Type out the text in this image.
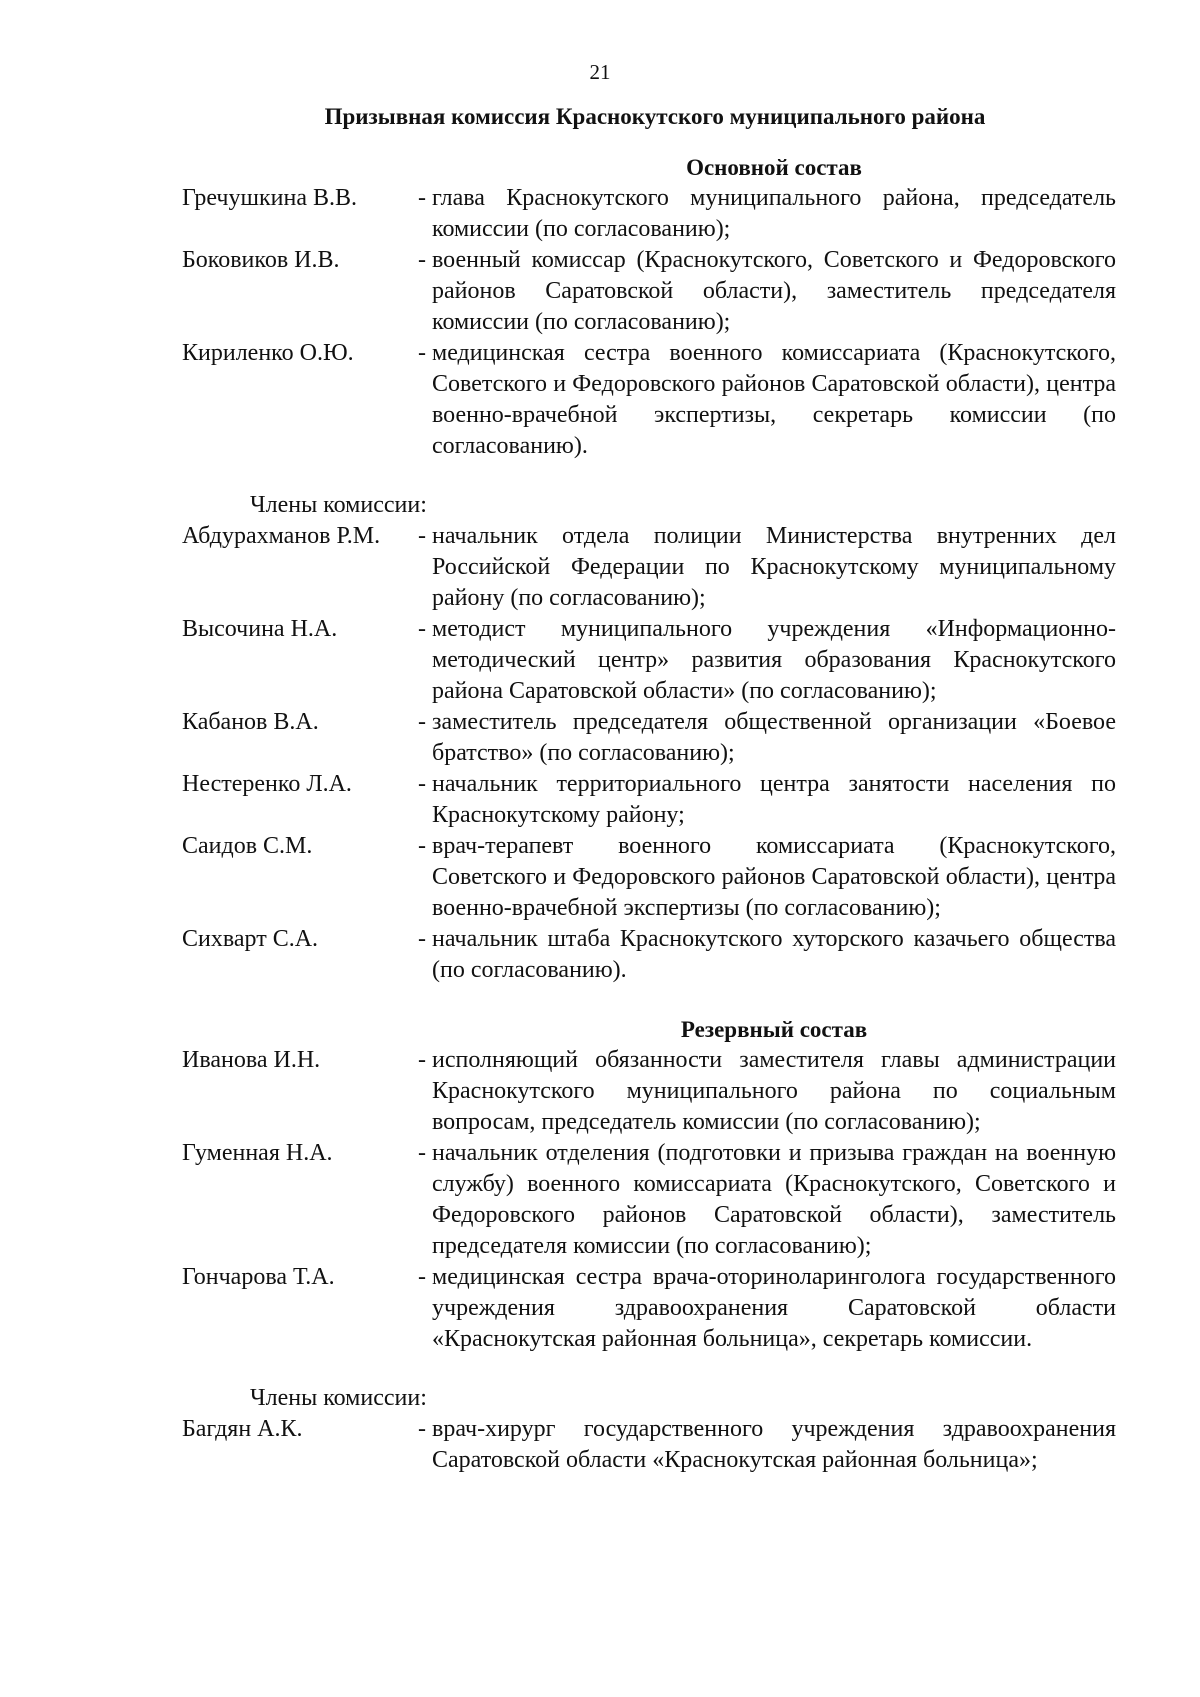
21
Призывная комиссия Краснокутского муниципального района
Основной состав
Гречушкина В.В.	- глава Краснокутского муниципального района, председатель комиссии (по согласованию);
Боковиков И.В.	- военный комиссар (Краснокутского, Советского и Федоровского районов Саратовской области), заместитель председателя комиссии (по согласованию);
Кириленко О.Ю.	- медицинская сестра военного комиссариата (Краснокутского, Советского и Федоровского районов Саратовской области), центра военно-врачебной экспертизы, секретарь комиссии (по согласованию).
Члены комиссии:
Абдурахманов Р.М.	- начальник отдела полиции Министерства внутренних дел Российской Федерации по Краснокутскому муниципальному району (по согласованию);
Высочина Н.А.	- методист муниципального учреждения «Информационно-методический центр» развития образования Краснокутского района Саратовской области» (по согласованию);
Кабанов В.А.	- заместитель председателя общественной организации «Боевое братство» (по согласованию);
Нестеренко Л.А.	- начальник территориального центра занятости населения по Краснокутскому району;
Саидов С.М.	- врач-терапевт военного комиссариата (Краснокутского, Советского и Федоровского районов Саратовской области), центра военно-врачебной экспертизы (по согласованию);
Сихварт С.А.	- начальник штаба Краснокутского хуторского казачьего общества (по согласованию).
Резервный состав
Иванова И.Н.	- исполняющий обязанности заместителя главы администрации Краснокутского муниципального района по социальным вопросам, председатель комиссии (по согласованию);
Гуменная Н.А.	- начальник отделения (подготовки и призыва граждан на военную службу) военного комиссариата (Краснокутского, Советского и Федоровского районов Саратовской области), заместитель председателя комиссии (по согласованию);
Гончарова Т.А.	- медицинская сестра врача-оториноларинголога государственного учреждения здравоохранения Саратовской области «Краснокутская районная больница», секретарь комиссии.
Члены комиссии:
Багдян А.К.	- врач-хирург государственного учреждения здравоохранения Саратовской области «Краснокутская районная больница»;
